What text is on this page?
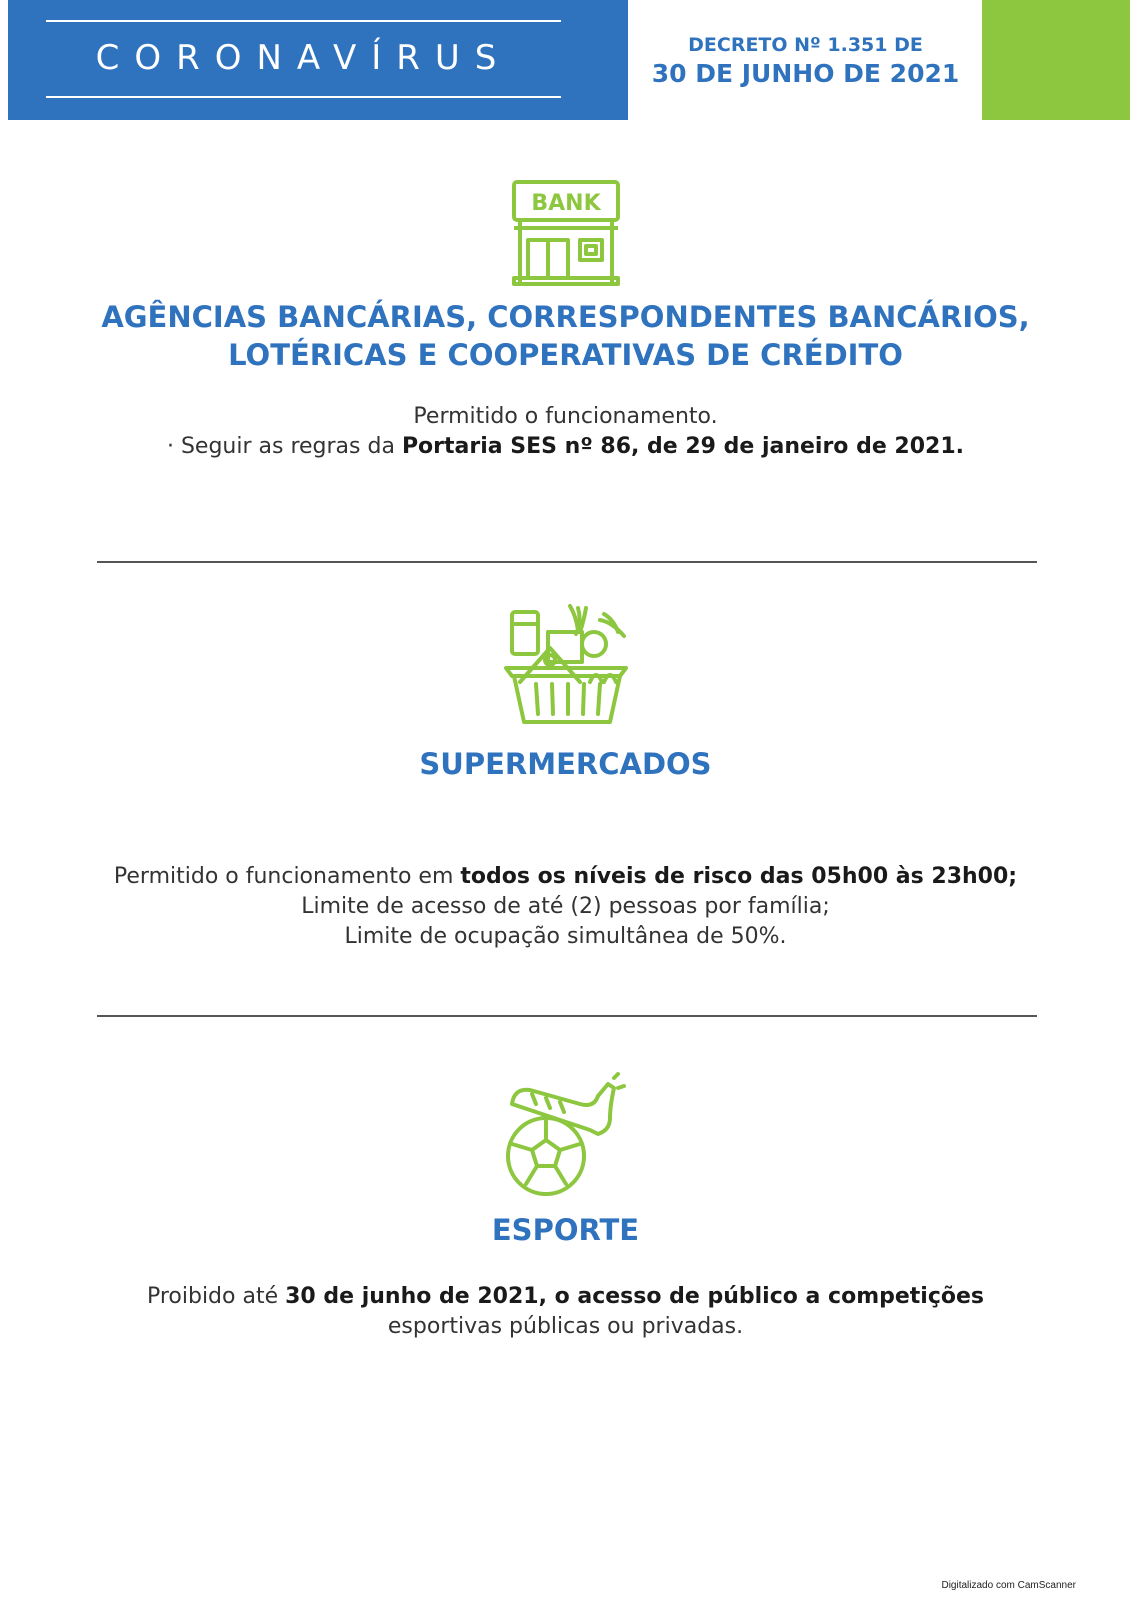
CORONAVÍRUS	DECRETO Nº 1.351 DE
30 DE JUNHO DE 2021
BANK
AGÊNCIAS BANCÁRIAS, CORRESPONDENTES BANCÁRIOS,
LOTÉRICAS E COOPERATIVAS DE CRÉDITO
Permitido o funcionamento.
· Seguir as regras da Portaria SES nº 86, de 29 de janeiro de 2021.
SUPERMERCADOS
Permitido o funcionamento em todos os níveis de risco das 05h00 às 23h00;
Limite de acesso de até (2) pessoas por família;
Limite de ocupação simultânea de 50%.
ESPORTE
Proibido até 30 de junho de 2021, o acesso de público a competições
esportivas públicas ou privadas.
Digitalizado com CamScanner
